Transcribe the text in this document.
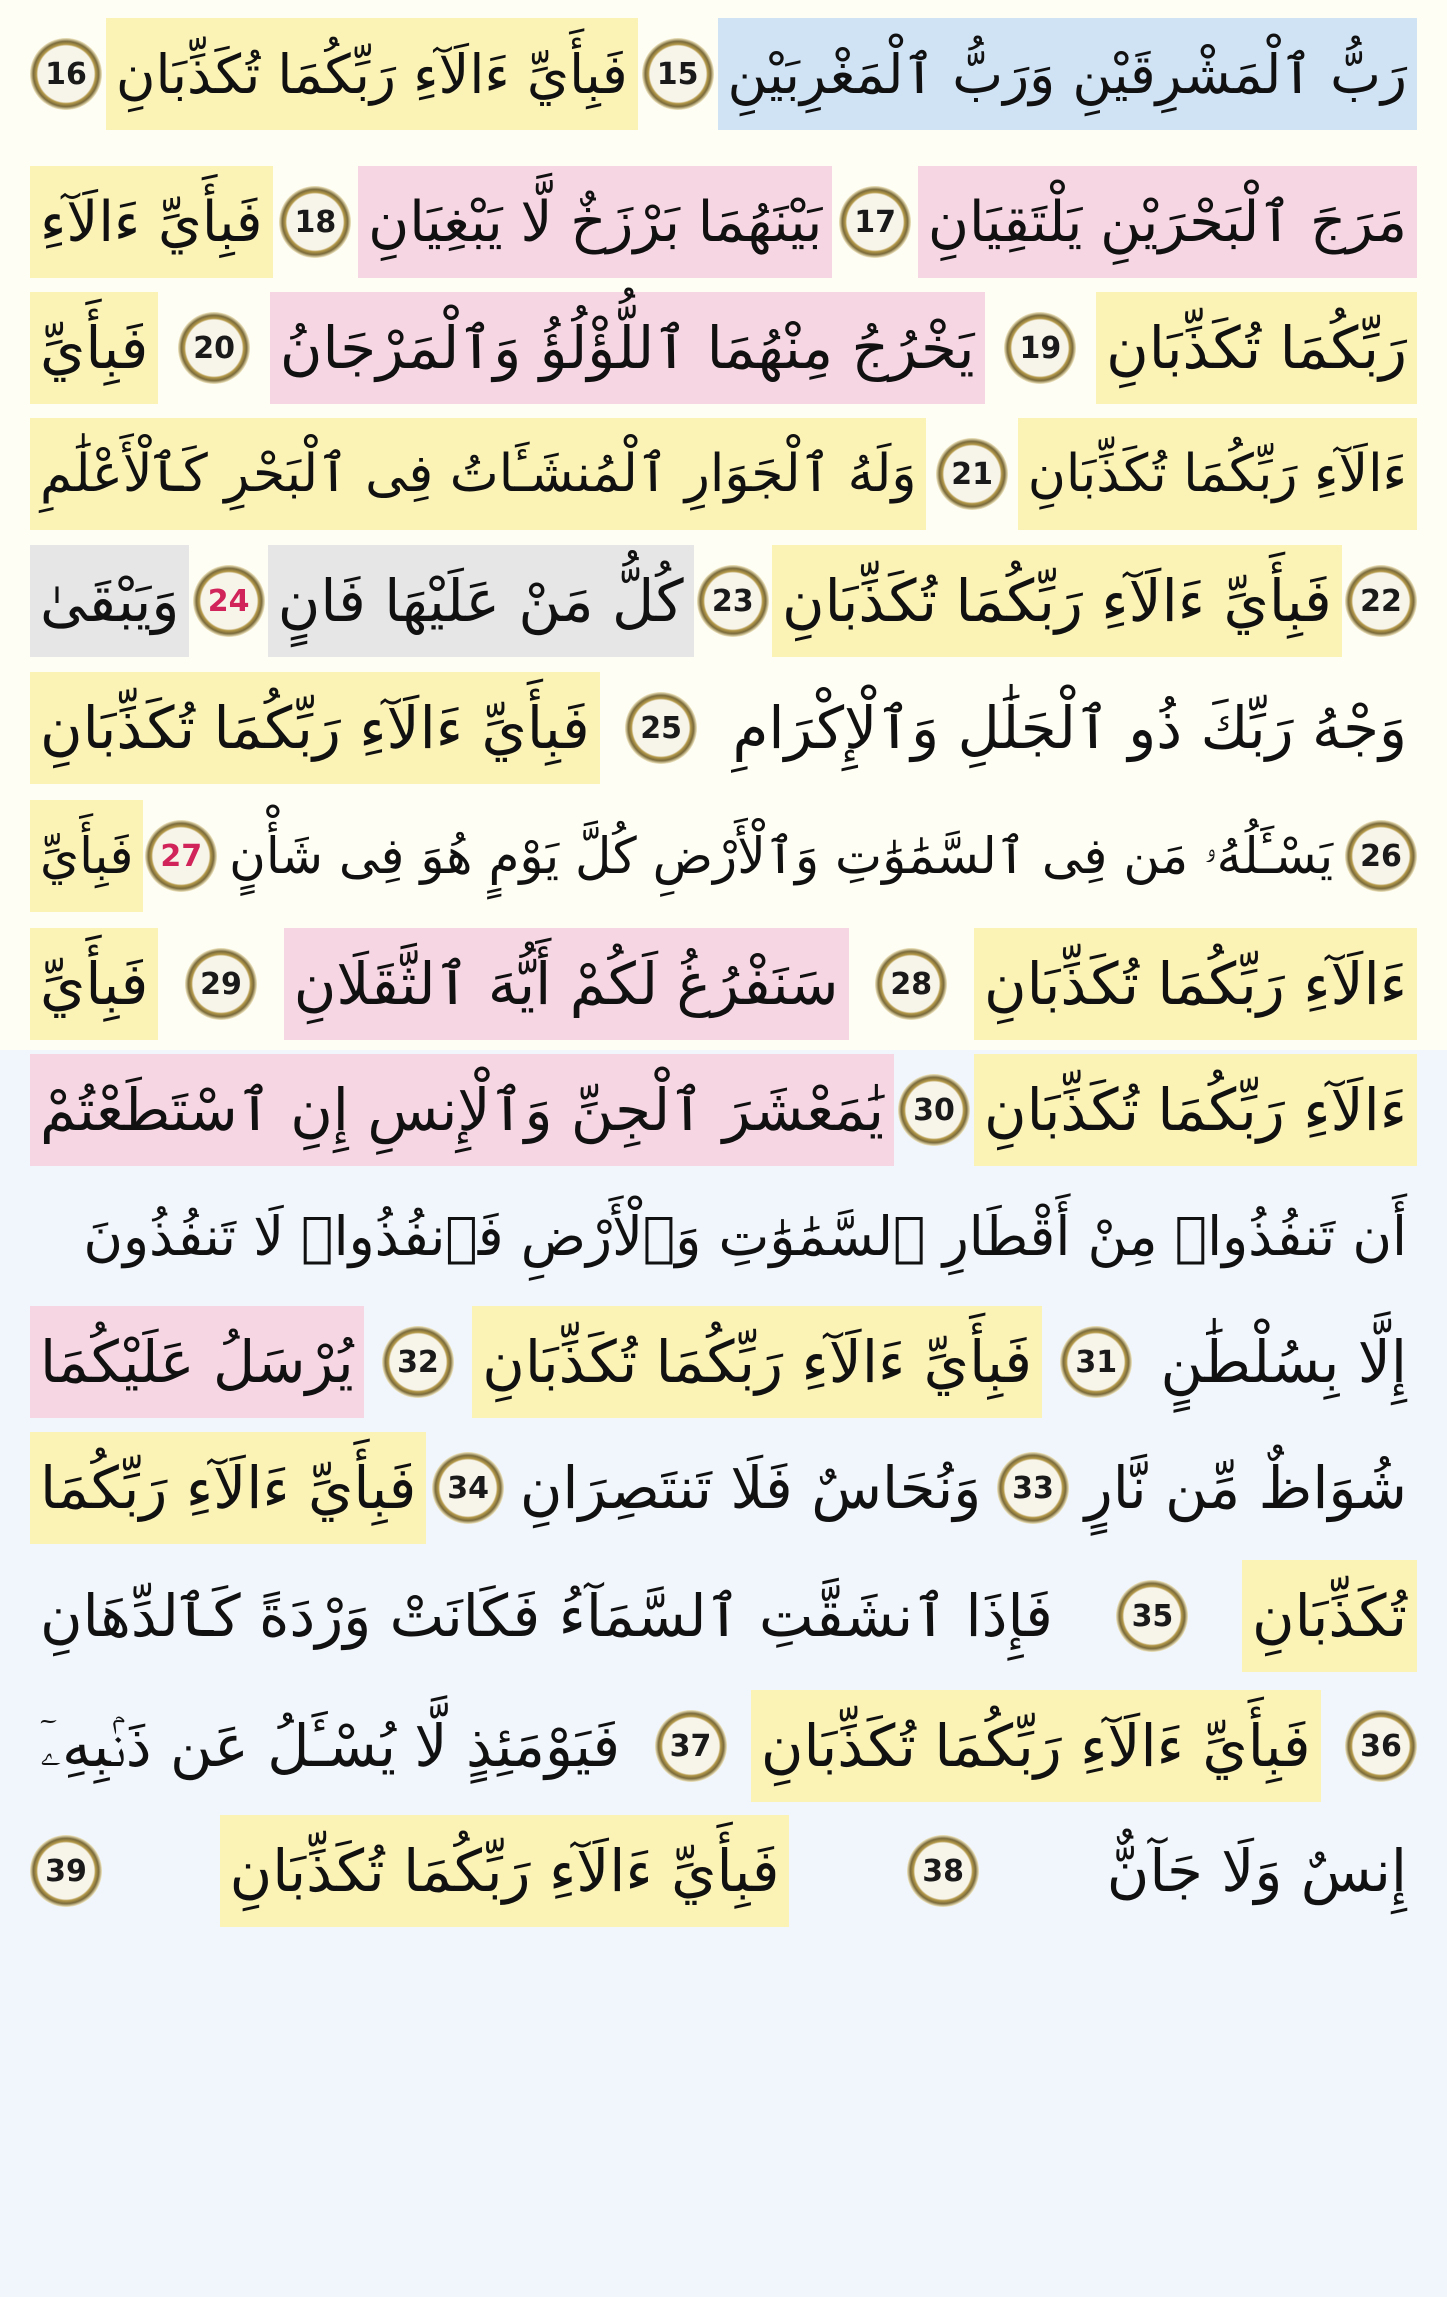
رَبُّ ٱلْمَشْرِقَيْنِ وَرَبُّ ٱلْمَغْرِبَيْنِ
15
فَبِأَيِّ ءَالَآءِ رَبِّكُمَا تُكَذِّبَانِ
16
مَرَجَ ٱلْبَحْرَيْنِ يَلْتَقِيَانِ
17
بَيْنَهُمَا بَرْزَخٌ لَّا يَبْغِيَانِ
18
فَبِأَيِّ ءَالَآءِ
رَبِّكُمَا تُكَذِّبَانِ
19
يَخْرُجُ مِنْهُمَا ٱللُّؤْلُؤُ وَٱلْمَرْجَانُ
20
فَبِأَيِّ
ءَالَآءِ رَبِّكُمَا تُكَذِّبَانِ
21
وَلَهُ ٱلْجَوَارِ ٱلْمُنشَـَٔاتُ فِى ٱلْبَحْرِ كَٱلْأَعْلَٰمِ
22
فَبِأَيِّ ءَالَآءِ رَبِّكُمَا تُكَذِّبَانِ
23
كُلُّ مَنْ عَلَيْهَا فَانٍ
24
وَيَبْقَىٰ
وَجْهُ رَبِّكَ ذُو ٱلْجَلَٰلِ وَٱلْإِكْرَامِ
25
فَبِأَيِّ ءَالَآءِ رَبِّكُمَا تُكَذِّبَانِ
26
يَسْـَٔلُهُۥ مَن فِى ٱلسَّمَٰوَٰتِ وَٱلْأَرْضِ كُلَّ يَوْمٍ هُوَ فِى شَأْنٍ
27
فَبِأَيِّ
ءَالَآءِ رَبِّكُمَا تُكَذِّبَانِ
28
سَنَفْرُغُ لَكُمْ أَيُّهَ ٱلثَّقَلَانِ
29
فَبِأَيِّ
ءَالَآءِ رَبِّكُمَا تُكَذِّبَانِ
30
يَٰمَعْشَرَ ٱلْجِنِّ وَٱلْإِنسِ إِنِ ٱسْتَطَعْتُمْ
أَن تَنفُذُوا۟ مِنْ أَقْطَارِ ٱلسَّمَٰوَٰتِ وَٱلْأَرْضِ فَٱنفُذُوا۟ لَا تَنفُذُونَ
إِلَّا بِسُلْطَٰنٍ
31
فَبِأَيِّ ءَالَآءِ رَبِّكُمَا تُكَذِّبَانِ
32
يُرْسَلُ عَلَيْكُمَا
شُوَاظٌ مِّن نَّارٍ
33
وَنُحَاسٌ فَلَا تَنتَصِرَانِ
34
فَبِأَيِّ ءَالَآءِ رَبِّكُمَا
تُكَذِّبَانِ
35
فَإِذَا ٱنشَقَّتِ ٱلسَّمَآءُ فَكَانَتْ وَرْدَةً كَٱلدِّهَانِ
36
فَبِأَيِّ ءَالَآءِ رَبِّكُمَا تُكَذِّبَانِ
37
فَيَوْمَئِذٍ لَّا يُسْـَٔلُ عَن ذَنۢبِهِۦٓ
إِنسٌ وَلَا جَآنٌّ
38
فَبِأَيِّ ءَالَآءِ رَبِّكُمَا تُكَذِّبَانِ
39
